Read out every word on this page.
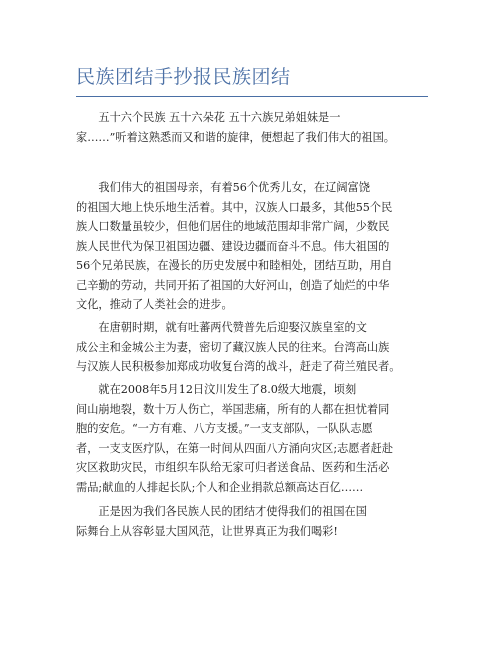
民族团结手抄报民族团结
　　五十六个民族 五十六朵花 五十六族兄弟姐妹是一
家……”听着这熟悉而又和谐的旋律，便想起了我们伟大的祖国。
　　我们伟大的祖国母亲，有着56个优秀儿女，在辽阔富饶
的祖国大地上快乐地生活着。其中，汉族人口最多，其他55个民
族人口数量虽较少，但他们居住的地域范围却非常广阔，少数民
族人民世代为保卫祖国边疆、建设边疆而奋斗不息。伟大祖国的
56个兄弟民族，在漫长的历史发展中和睦相处，团结互助，用自
己辛勤的劳动，共同开拓了祖国的大好河山，创造了灿烂的中华
文化，推动了人类社会的进步。
　　在唐朝时期，就有吐蕃两代赞普先后迎娶汉族皇室的文
成公主和金城公主为妻，密切了藏汉族人民的往来。台湾高山族
与汉族人民积极参加郑成功收复台湾的战斗，赶走了荷兰殖民者。
　　就在2008年5月12日汶川发生了8.0级大地震，顷刻
间山崩地裂，数十万人伤亡，举国悲痛，所有的人都在担忧着同
胞的安危。“一方有难、八方支援。”一支支部队，一队队志愿
者，一支支医疗队，在第一时间从四面八方涌向灾区;志愿者赶赴
灾区救助灾民，市组织车队给无家可归者送食品、医药和生活必
需品;献血的人排起长队;个人和企业捐款总额高达百亿……
　　正是因为我们各民族人民的团结才使得我们的祖国在国
际舞台上从容彰显大国风范，让世界真正为我们喝彩!
